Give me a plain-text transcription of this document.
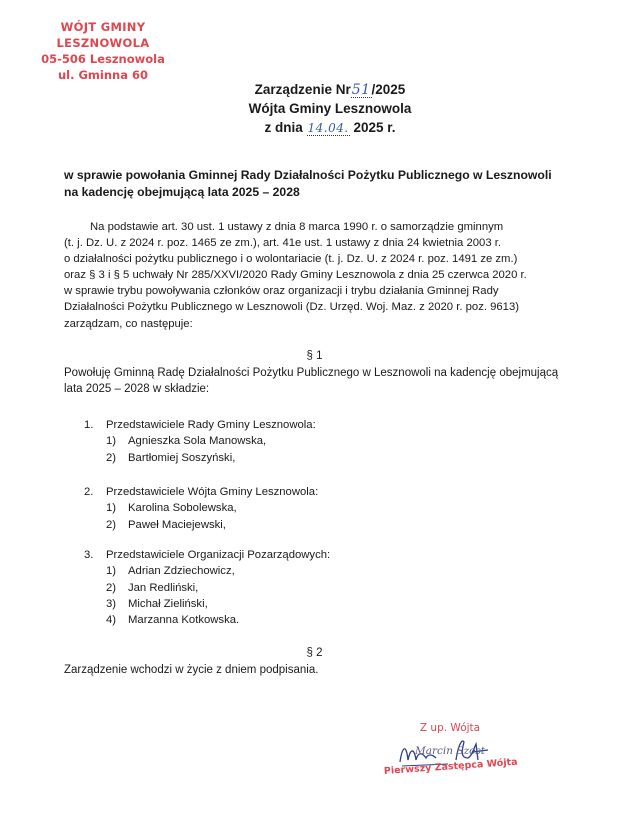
WÓJT GMINY LESZNOWOLA
05-506 Lesznowola
ul. Gminna 60
Zarządzenie Nr51/2025
Wójta Gminy Lesznowola
z dnia 14.04. 2025 r.
w sprawie powołania Gminnej Rady Działalności Pożytku Publicznego w Lesznowoli
na kadencję obejmującą lata 2025 – 2028
Na podstawie art. 30 ust. 1 ustawy z dnia 8 marca 1990 r. o samorządzie gminnym
(t. j. Dz. U. z 2024 r. poz. 1465 ze zm.), art. 41e ust. 1 ustawy z dnia 24 kwietnia 2003 r.
o działalności pożytku publicznego i o wolontariacie (t. j. Dz. U. z 2024 r. poz. 1491 ze zm.)
oraz § 3 i § 5 uchwały Nr 285/XXVI/2020 Rady Gminy Lesznowola z dnia 25 czerwca 2020 r.
w sprawie trybu powoływania członków oraz organizacji i trybu działania Gminnej Rady
Działalności Pożytku Publicznego w Lesznowoli (Dz. Urzęd. Woj. Maz. z 2020 r. poz. 9613)
zarządzam, co następuje:
§ 1
Powołuję Gminną Radę Działalności Pożytku Publicznego w Lesznowoli na kadencję obejmującą
lata 2025 – 2028 w składzie:
1. Przedstawiciele Rady Gminy Lesznowola:
1) Agnieszka Sola Manowska,
2) Bartłomiej Soszyński,
2. Przedstawiciele Wójta Gminy Lesznowola:
1) Karolina Sobolewska,
2) Paweł Maciejewski,
3. Przedstawiciele Organizacji Pozarządowych:
1) Adrian Zdziechowicz,
2) Jan Redliński,
3) Michał Zieliński,
4) Marzanna Kotkowska.
§ 2
Zarządzenie wchodzi w życie z dniem podpisania.
Z up. Wójta
Marcin Szost
Pierwszy Zastępca Wójta
